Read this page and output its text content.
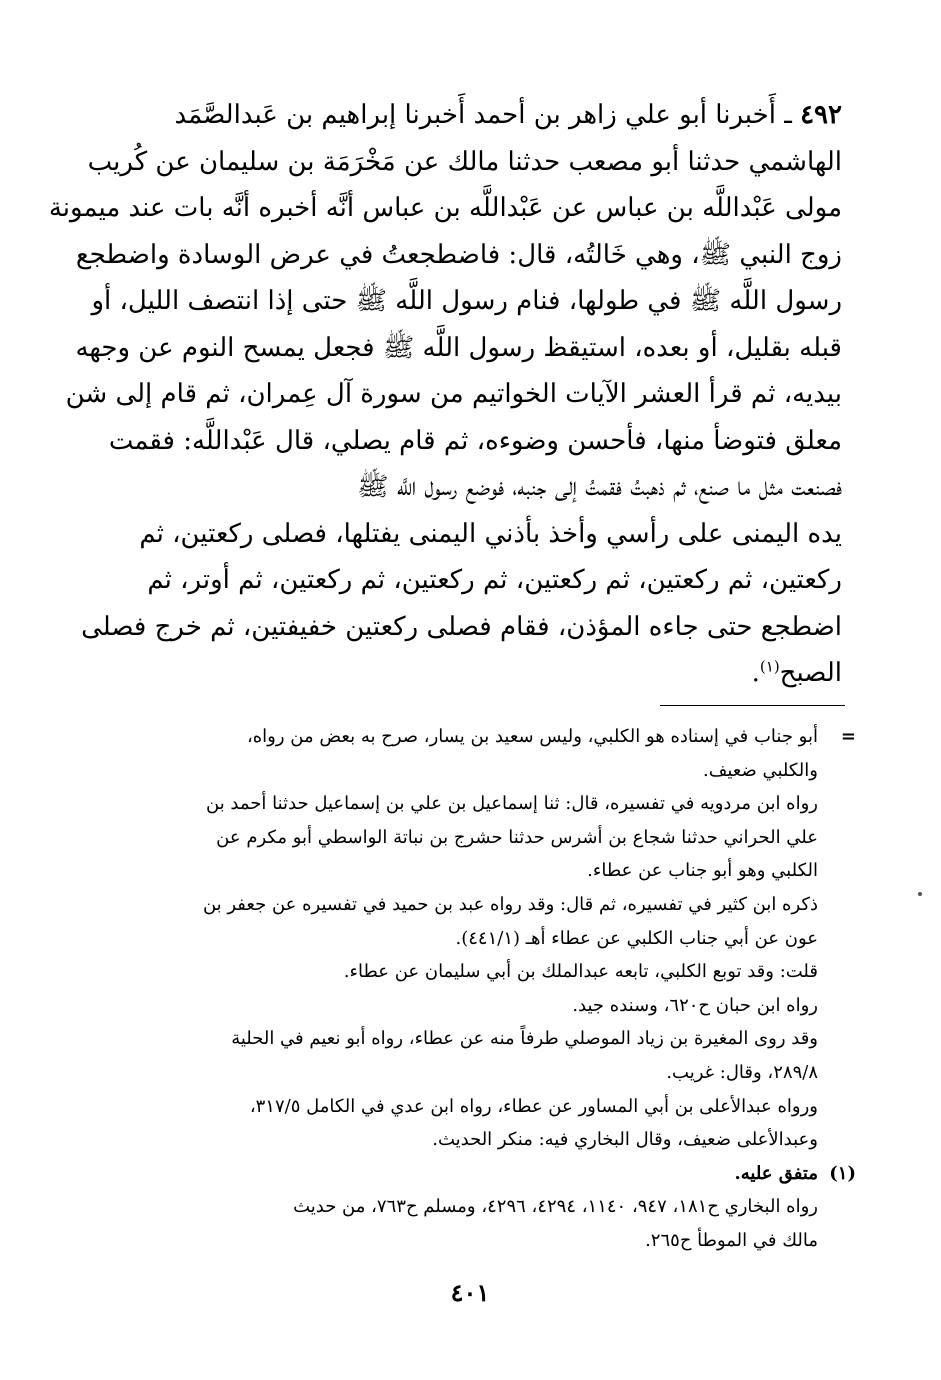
٤٩٢ ـ أَخبرنا أبو علي زاهر بن أحمد أَخبرنا إبراهيم بن عَبدالصَّمَد
الهاشمي حدثنا أبو مصعب حدثنا مالك عن مَخْرَمَة بن سليمان عن كُريب
مولى عَبْداللَّه بن عباس عن عَبْداللَّه بن عباس أنَّه أخبره أنَّه بات عند ميمونة
زوج النبي ﷺ، وهي خَالتُه، قال: فاضطجعتُ في عرض الوسادة واضطجع
رسول اللَّه ﷺ في طولها، فنام رسول اللَّه ﷺ حتى إذا انتصف الليل، أو
قبله بقليل، أو بعده، استيقظ رسول اللَّه ﷺ فجعل يمسح النوم عن وجهه
بيديه، ثم قرأ العشر الآيات الخواتيم من سورة آل عِمران، ثم قام إلى شن
معلق فتوضأ منها، فأحسن وضوءه، ثم قام يصلي، قال عَبْداللَّه: فقمت
فصنعت مثل ما صنع، ثم ذهبتُ فقمتُ إلى جنبه، فوضع رسول اللَّه ﷺ
يده اليمنى على رأسي وأخذ بأذني اليمنى يفتلها، فصلى ركعتين، ثم
ركعتين، ثم ركعتين، ثم ركعتين، ثم ركعتين، ثم ركعتين، ثم أوتر، ثم
اضطجع حتى جاءه المؤذن، فقام فصلى ركعتين خفيفتين، ثم خرج فصلى
الصبح$^{(١)}$.
=
أبو جناب في إسناده هو الكلبي، وليس سعيد بن يسار، صرح به بعض من رواه،
والكلبي ضعيف.
رواه ابن مردويه في تفسيره، قال: ثنا إسماعيل بن علي بن إسماعيل حدثنا أحمد بن
علي الحراني حدثنا شجاع بن أشرس حدثنا حشرج بن نباتة الواسطي أبو مكرم عن
الكلبي وهو أبو جناب عن عطاء.
ذكره ابن كثير في تفسيره، ثم قال: وقد رواه عبد بن حميد في تفسيره عن جعفر بن
عون عن أبي جناب الكلبي عن عطاء أهـ (٤٤١/١).
قلت: وقد توبع الكلبي، تابعه عبدالملك بن أبي سليمان عن عطاء.
رواه ابن حبان ح٦٢٠، وسنده جيد.
وقد روى المغيرة بن زياد الموصلي طرفاً منه عن عطاء، رواه أبو نعيم في الحلية
٢٨٩/٨، وقال: غريب.
ورواه عبدالأعلى بن أبي المساور عن عطاء، رواه ابن عدي في الكامل ٣١٧/٥،
وعبدالأعلى ضعيف، وقال البخاري فيه: منكر الحديث.
(١)
متفق عليه.
رواه البخاري ح١٨١، ٩٤٧، ١١٤٠، ٤٢٩٤، ٤٢٩٦، ومسلم ح٧٦٣، من حديث
مالك في الموطأ ح٢٦٥.
٤٠١
